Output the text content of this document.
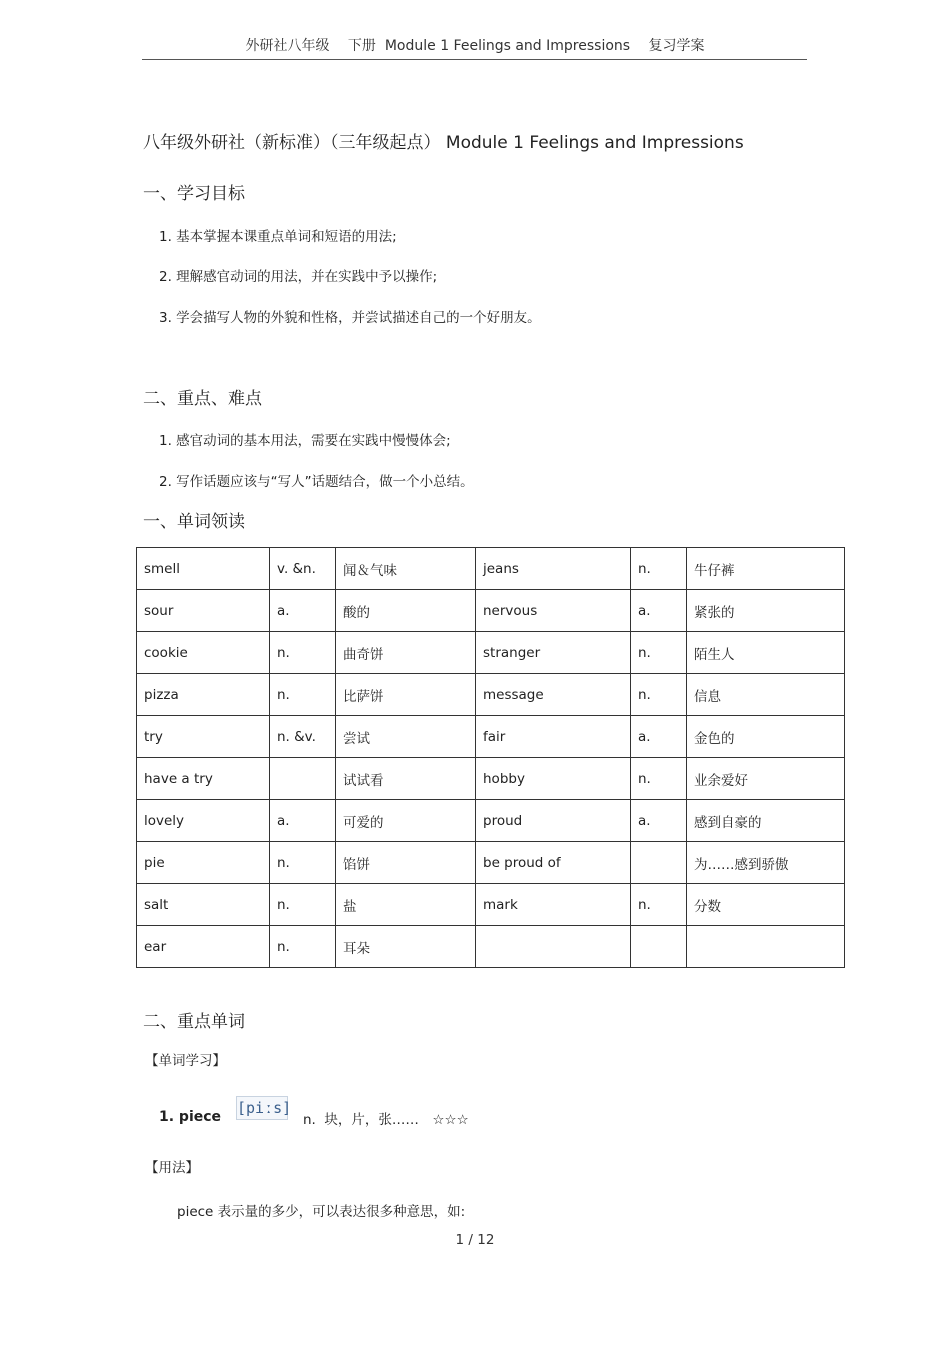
外研社八年级　 下册  Module 1 Feelings and Impressions　 复习学案
八年级外研社（新标准）（三年级起点） Module 1 Feelings and Impressions
一、学习目标
1. 基本掌握本课重点单词和短语的用法;
2. 理解感官动词的用法，并在实践中予以操作;
3. 学会描写人物的外貌和性格，并尝试描述自己的一个好朋友。
二、重点、难点
1. 感官动词的基本用法，需要在实践中慢慢体会;
2. 写作话题应该与“写人”话题结合，做一个小总结。
一、单词领读
smell	v. &n.	闻＆气味	jeans	n.	牛仔裤
sour	a.	酸的	nervous	a.	紧张的
cookie	n.	曲奇饼	stranger	n.	陌生人
pizza	n.	比萨饼	message	n.	信息
try	n. &v.	尝试	fair	a.	金色的
have a try		试试看	hobby	n.	业余爱好
lovely	a.	可爱的	proud	a.	感到自豪的
pie	n.	馅饼	be proud of		为……感到骄傲
salt	n.	盐	mark	n.	分数
ear	n.	耳朵			
二、重点单词
【单词学习】
1. piece [piːs]
n.  块，片，张……　☆☆☆
【用法】
piece 表示量的多少，可以表达很多种意思，如:
1 / 12
